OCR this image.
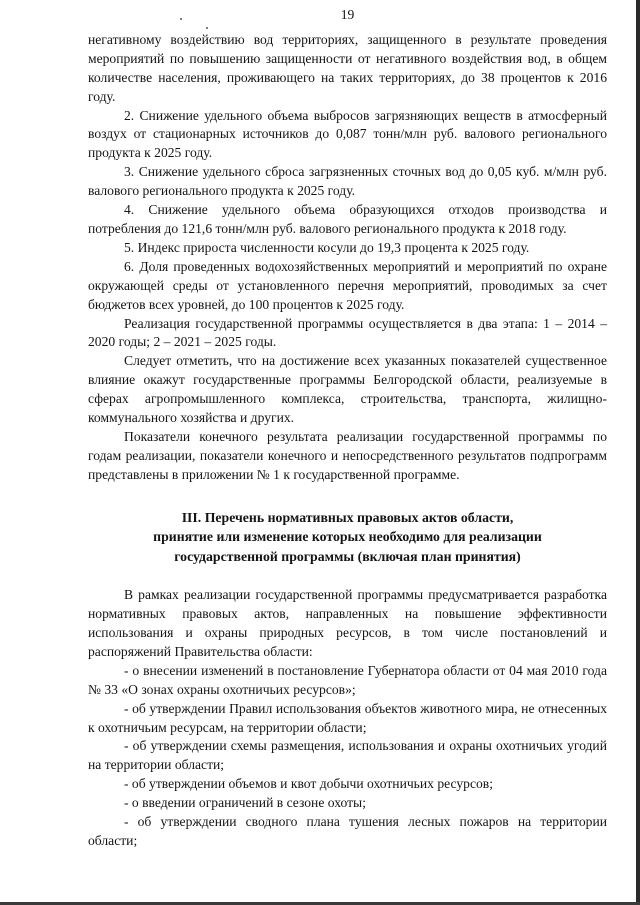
19

негативному воздействию вод территориях, защищенного в результате проведения мероприятий по повышению защищенности от негативного воздействия вод, в общем количестве населения, проживающего на таких территориях, до 38 процентов к 2016 году.

2. Снижение удельного объема выбросов загрязняющих веществ в атмосферный воздух от стационарных источников до 0,087 тонн/млн руб. валового регионального продукта к 2025 году.

3. Снижение удельного сброса загрязненных сточных вод до 0,05 куб. м/млн руб. валового регионального продукта к 2025 году.

4. Снижение удельного объема образующихся отходов производства и потребления до 121,6 тонн/млн руб. валового регионального продукта к 2018 году.

5. Индекс прироста численности косули до 19,3 процента к 2025 году.

6. Доля проведенных водохозяйственных мероприятий и мероприятий по охране окружающей среды от установленного перечня мероприятий, проводимых за счет бюджетов всех уровней, до 100 процентов к 2025 году.

Реализация государственной программы осуществляется в два этапа: 1 – 2014 – 2020 годы; 2 – 2021 – 2025 годы.

Следует отметить, что на достижение всех указанных показателей существенное влияние окажут государственные программы Белгородской области, реализуемые в сферах агропромышленного комплекса, строительства, транспорта, жилищно-коммунального хозяйства и других.

Показатели конечного результата реализации государственной программы по годам реализации, показатели конечного и непосредственного результатов подпрограмм представлены в приложении № 1 к государственной программе.

III. Перечень нормативных правовых актов области,
принятие или изменение которых необходимо для реализации
государственной программы (включая план принятия)

В рамках реализации государственной программы предусматривается разработка нормативных правовых актов, направленных на повышение эффективности использования и охраны природных ресурсов, в том числе постановлений и распоряжений Правительства области:

- о внесении изменений в постановление Губернатора области от 04 мая 2010 года № 33 «О зонах охраны охотничьих ресурсов»;

- об утверждении Правил использования объектов животного мира, не отнесенных к охотничьим ресурсам, на территории области;

- об утверждении схемы размещения, использования и охраны охотничьих угодий на территории области;

- об утверждении объемов и квот добычи охотничьих ресурсов;

- о введении ограничений в сезоне охоты;

- об утверждении сводного плана тушения лесных пожаров на территории области;
